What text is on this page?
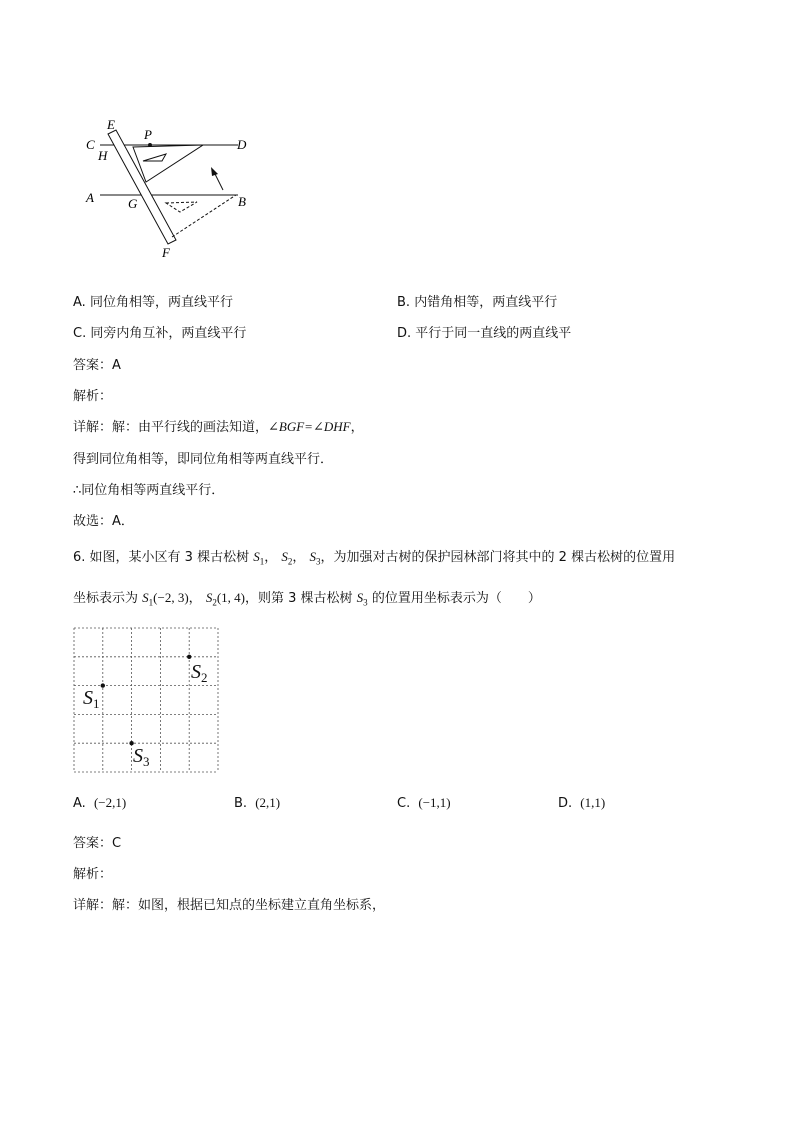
E
P
C	D
H
A	G	B
F
A. 同位角相等，两直线平行	B. 内错角相等，两直线平行
C. 同旁内角互补，两直线平行	D. 平行于同一直线的两直线平
答案：A
解析：
详解：解：由平行线的画法知道，∠BGF=∠DHF，
得到同位角相等，即同位角相等两直线平行．
∴同位角相等两直线平行．
故选：A．
6. 如图，某小区有 3 棵古松树 $S_1$， $S_2$， $S_3$，为加强对古树的保护园林部门将其中的 2 棵古松树的位置用
坐标表示为 $S_1(-2$, 3)， $S_2(1$, 4)，则第 3 棵古松树 $S_3$ 的位置用坐标表示为（　　）
$S_2$
$S_1$
$S_3$
A. (−2,1)	B. (2,1)	C. (−1,1)	D. (1,1)
答案：C
解析：
详解：解：如图，根据已知点的坐标建立直角坐标系，
